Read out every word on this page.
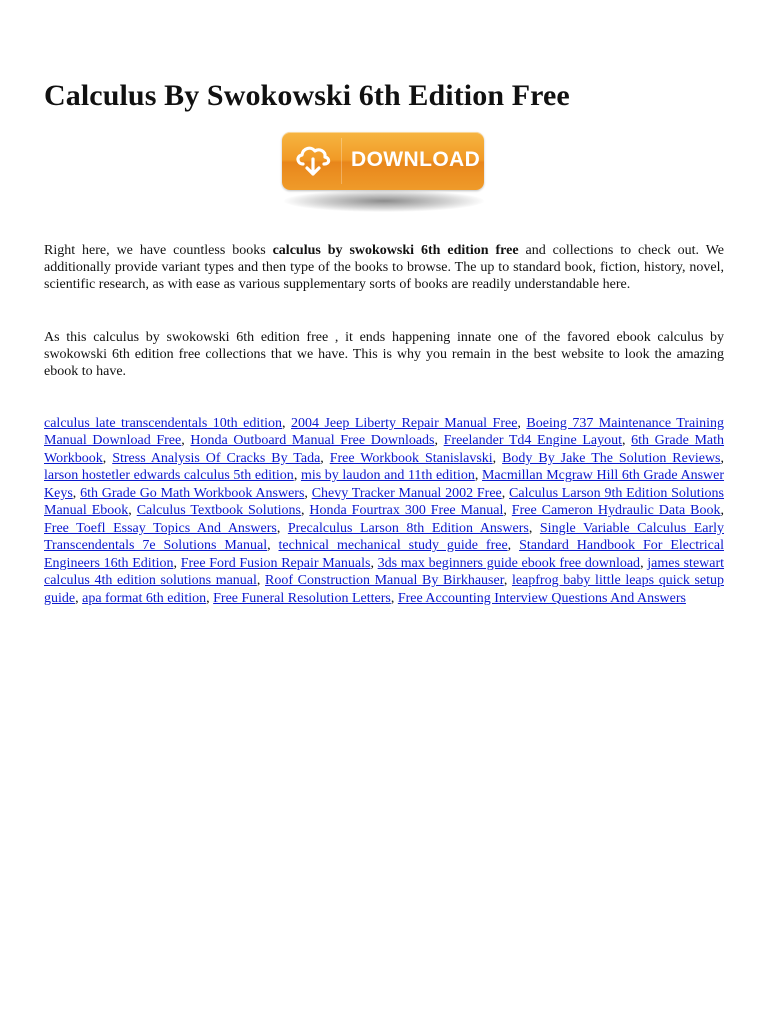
Calculus By Swokowski 6th Edition Free
DOWNLOAD

Right here, we have countless books calculus by swokowski 6th edition free and collections to check out. We additionally provide variant types and then type of the books to browse. The up to standard book, fiction, history, novel, scientific research, as with ease as various supplementary sorts of books are readily understandable here.

As this calculus by swokowski 6th edition free , it ends happening innate one of the favored ebook calculus by swokowski 6th edition free collections that we have. This is why you remain in the best website to look the amazing ebook to have.

calculus late transcendentals 10th edition, 2004 Jeep Liberty Repair Manual Free, Boeing 737 Maintenance Training Manual Download Free, Honda Outboard Manual Free Downloads, Freelander Td4 Engine Layout, 6th Grade Math Workbook, Stress Analysis Of Cracks By Tada, Free Workbook Stanislavski, Body By Jake The Solution Reviews, larson hostetler edwards calculus 5th edition, mis by laudon and 11th edition, Macmillan Mcgraw Hill 6th Grade Answer Keys, 6th Grade Go Math Workbook Answers, Chevy Tracker Manual 2002 Free, Calculus Larson 9th Edition Solutions Manual Ebook, Calculus Textbook Solutions, Honda Fourtrax 300 Free Manual, Free Cameron Hydraulic Data Book, Free Toefl Essay Topics And Answers, Precalculus Larson 8th Edition Answers, Single Variable Calculus Early Transcendentals 7e Solutions Manual, technical mechanical study guide free, Standard Handbook For Electrical Engineers 16th Edition, Free Ford Fusion Repair Manuals, 3ds max beginners guide ebook free download, james stewart calculus 4th edition solutions manual, Roof Construction Manual By Birkhauser, leapfrog baby little leaps quick setup guide, apa format 6th edition, Free Funeral Resolution Letters, Free Accounting Interview Questions And Answers
